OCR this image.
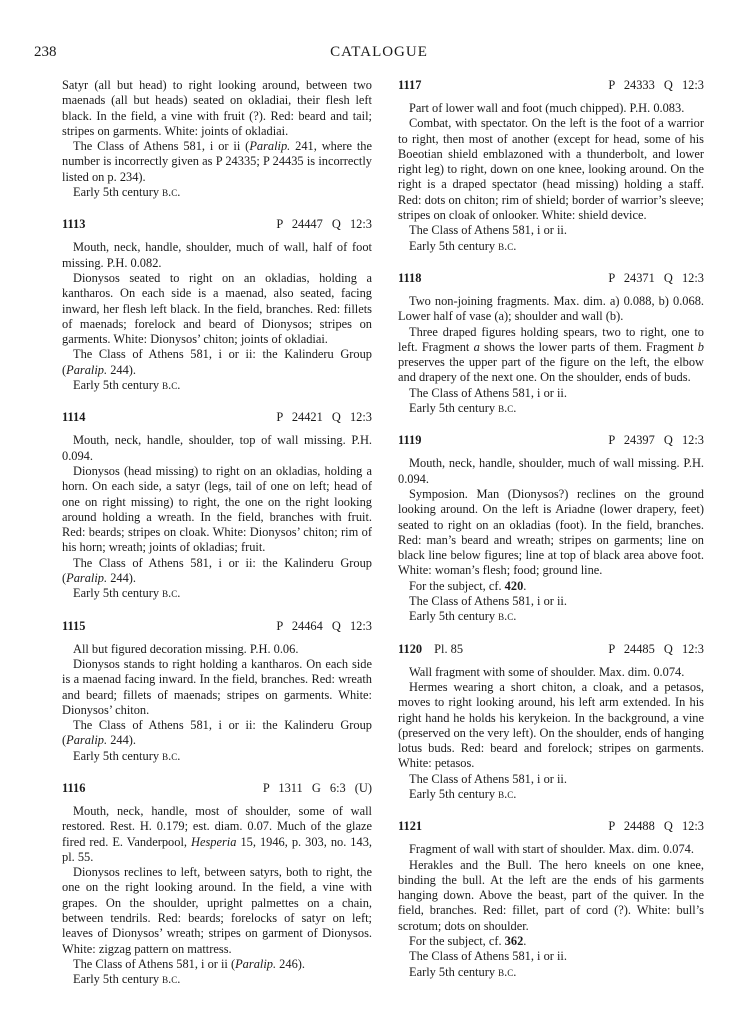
238	CATALOGUE

Satyr (all but head) to right looking around, between two maenads (all but heads) seated on okladiai, their flesh left black. In the field, a vine with fruit (?). Red: beard and tail; stripes on garments. White: joints of okladiai.

The Class of Athens 581, i or ii (Paralip. 241, where the number is incorrectly given as P 24335; P 24435 is incorrectly listed on p. 234).

Early 5th century b.c.

1113	P 24447 Q 12:3

Mouth, neck, handle, shoulder, much of wall, half of foot missing. P.H. 0.082.

Dionysos seated to right on an okladias, holding a kantharos. On each side is a maenad, also seated, facing inward, her flesh left black. In the field, branches. Red: fillets of maenads; forelock and beard of Dionysos; stripes on garments. White: Dionysos’ chiton; joints of okladiai.

The Class of Athens 581, i or ii: the Kalinderu Group (Paralip. 244).

Early 5th century b.c.

1114	P 24421 Q 12:3

Mouth, neck, handle, shoulder, top of wall missing. P.H. 0.094.

Dionysos (head missing) to right on an okladias, holding a horn. On each side, a satyr (legs, tail of one on left; head of one on right missing) to right, the one on the right looking around holding a wreath. In the field, branches with fruit. Red: beards; stripes on cloak. White: Dionysos’ chiton; rim of his horn; wreath; joints of okladias; fruit.

The Class of Athens 581, i or ii: the Kalinderu Group (Paralip. 244).

Early 5th century b.c.

1115	P 24464 Q 12:3

All but figured decoration missing. P.H. 0.06.

Dionysos stands to right holding a kantharos. On each side is a maenad facing inward. In the field, branches. Red: wreath and beard; fillets of maenads; stripes on garments. White: Dionysos’ chiton.

The Class of Athens 581, i or ii: the Kalinderu Group (Paralip. 244).

Early 5th century b.c.

1116	P 1311 G 6:3 (U)

Mouth, neck, handle, most of shoulder, some of wall restored. Rest. H. 0.179; est. diam. 0.07. Much of the glaze fired red. E. Vanderpool, Hesperia 15, 1946, p. 303, no. 143, pl. 55.

Dionysos reclines to left, between satyrs, both to right, the one on the right looking around. In the field, a vine with grapes. On the shoulder, upright palmettes on a chain, between tendrils. Red: beards; forelocks of satyr on left; leaves of Dionysos’ wreath; stripes on garment of Dionysos. White: zigzag pattern on mattress.

The Class of Athens 581, i or ii (Paralip. 246).

Early 5th century b.c.

1117	P 24333 Q 12:3

Part of lower wall and foot (much chipped). P.H. 0.083.

Combat, with spectator. On the left is the foot of a warrior to right, then most of another (except for head, some of his Boeotian shield emblazoned with a thunderbolt, and lower right leg) to right, down on one knee, looking around. On the right is a draped spectator (head missing) holding a staff. Red: dots on chiton; rim of shield; border of warrior’s sleeve; stripes on cloak of onlooker. White: shield device.

The Class of Athens 581, i or ii.

Early 5th century b.c.

1118	P 24371 Q 12:3

Two non-joining fragments. Max. dim. a) 0.088, b) 0.068. Lower half of vase (a); shoulder and wall (b).

Three draped figures holding spears, two to right, one to left. Fragment a shows the lower parts of them. Fragment b preserves the upper part of the figure on the left, the elbow and drapery of the next one. On the shoulder, ends of buds.

The Class of Athens 581, i or ii.

Early 5th century b.c.

1119	P 24397 Q 12:3

Mouth, neck, handle, shoulder, much of wall missing. P.H. 0.094.

Symposion. Man (Dionysos?) reclines on the ground looking around. On the left is Ariadne (lower drapery, feet) seated to right on an okladias (foot). In the field, branches. Red: man’s beard and wreath; stripes on garments; line on black line below figures; line at top of black area above foot. White: woman’s flesh; food; ground line.

For the subject, cf. 420.

The Class of Athens 581, i or ii.

Early 5th century b.c.

1120 Pl. 85	P 24485 Q 12:3

Wall fragment with some of shoulder. Max. dim. 0.074.

Hermes wearing a short chiton, a cloak, and a petasos, moves to right looking around, his left arm extended. In his right hand he holds his kerykeion. In the background, a vine (preserved on the very left). On the shoulder, ends of hanging lotus buds. Red: beard and forelock; stripes on garments. White: petasos.

The Class of Athens 581, i or ii.

Early 5th century b.c.

1121	P 24488 Q 12:3

Fragment of wall with start of shoulder. Max. dim. 0.074.

Herakles and the Bull. The hero kneels on one knee, binding the bull. At the left are the ends of his garments hanging down. Above the beast, part of the quiver. In the field, branches. Red: fillet, part of cord (?). White: bull’s scrotum; dots on shoulder.

For the subject, cf. 362.

The Class of Athens 581, i or ii.

Early 5th century b.c.
